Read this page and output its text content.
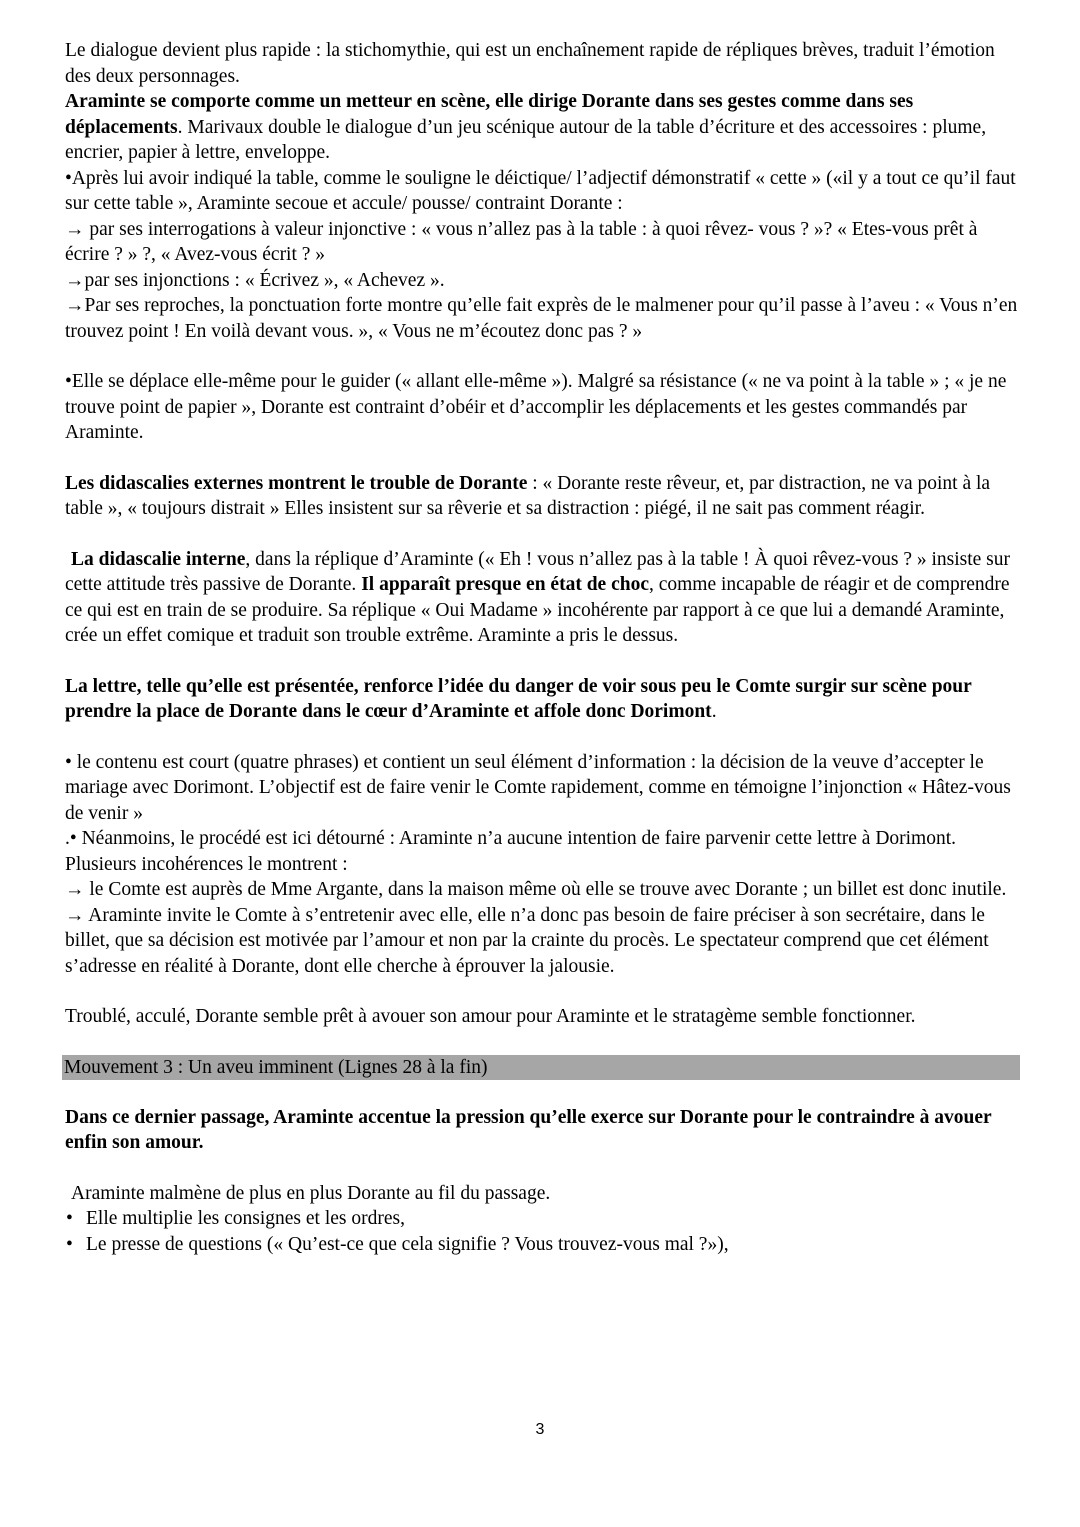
Le dialogue devient plus rapide : la stichomythie, qui est un enchaînement rapide de répliques brèves, traduit l’émotion des deux personnages.

Araminte se comporte comme un metteur en scène, elle dirige Dorante dans ses gestes comme dans ses déplacements. Marivaux double le dialogue d’un jeu scénique autour de la table d’écriture et des accessoires : plume, encrier, papier à lettre, enveloppe.

•Après lui avoir indiqué la table, comme le souligne le déictique/ l’adjectif démonstratif « cette » («il y a tout ce qu’il faut sur cette table », Araminte secoue et accule/ pousse/ contraint Dorante :

→ par ses interrogations à valeur injonctive : « vous n’allez pas à la table : à quoi rêvez- vous ? »? « Etes-vous prêt à écrire ? » ?, « Avez-vous écrit ? »

→par ses injonctions : « Écrivez », « Achevez ».

→Par ses reproches, la ponctuation forte montre qu’elle fait exprès de le malmener pour qu’il passe à l’aveu : « Vous n’en trouvez point ! En voilà devant vous. », « Vous ne m’écoutez donc pas ? »

•Elle se déplace elle-même pour le guider (« allant elle-même »). Malgré sa résistance (« ne va point à la table » ; « je ne trouve point de papier », Dorante est contraint d’obéir et d’accomplir les déplacements et les gestes commandés par Araminte.

Les didascalies externes montrent le trouble de Dorante : « Dorante reste rêveur, et, par distraction, ne va point à la table », « toujours distrait » Elles insistent sur sa rêverie et sa distraction : piégé, il ne sait pas comment réagir.

La didascalie interne, dans la réplique d’Araminte (« Eh ! vous n’allez pas à la table ! À quoi rêvez-vous ? » insiste sur cette attitude très passive de Dorante. Il apparaît presque en état de choc, comme incapable de réagir et de comprendre ce qui est en train de se produire. Sa réplique « Oui Madame » incohérente par rapport à ce que lui a demandé Araminte, crée un effet comique et traduit son trouble extrême. Araminte a pris le dessus.

La lettre, telle qu’elle est présentée, renforce l’idée du danger de voir sous peu le Comte surgir sur scène pour prendre la place de Dorante dans le cœur d’Araminte et affole donc Dorimont.

• le contenu est court (quatre phrases) et contient un seul élément d’information : la décision de la veuve d’accepter le mariage avec Dorimont. L’objectif est de faire venir le Comte rapidement, comme en témoigne l’injonction « Hâtez-vous de venir »

.• Néanmoins, le procédé est ici détourné : Araminte n’a aucune intention de faire parvenir cette lettre à Dorimont. Plusieurs incohérences le montrent :

→ le Comte est auprès de Mme Argante, dans la maison même où elle se trouve avec Dorante ; un billet est donc inutile.

→ Araminte invite le Comte à s’entretenir avec elle, elle n’a donc pas besoin de faire préciser à son secrétaire, dans le billet, que sa décision est motivée par l’amour et non par la crainte du procès. Le spectateur comprend que cet élément s’adresse en réalité à Dorante, dont elle cherche à éprouver la jalousie.

Troublé, acculé, Dorante semble prêt à avouer son amour pour Araminte et le stratagème semble fonctionner.

Mouvement 3 : Un aveu imminent (Lignes 28 à la fin)

Dans ce dernier passage, Araminte accentue la pression qu’elle exerce sur Dorante pour le contraindre à avouer enfin son amour.

Araminte malmène de plus en plus Dorante au fil du passage.

• Elle multiplie les consignes et les ordres,
• Le presse de questions (« Qu’est-ce que cela signifie ? Vous trouvez-vous mal ?»),
3
